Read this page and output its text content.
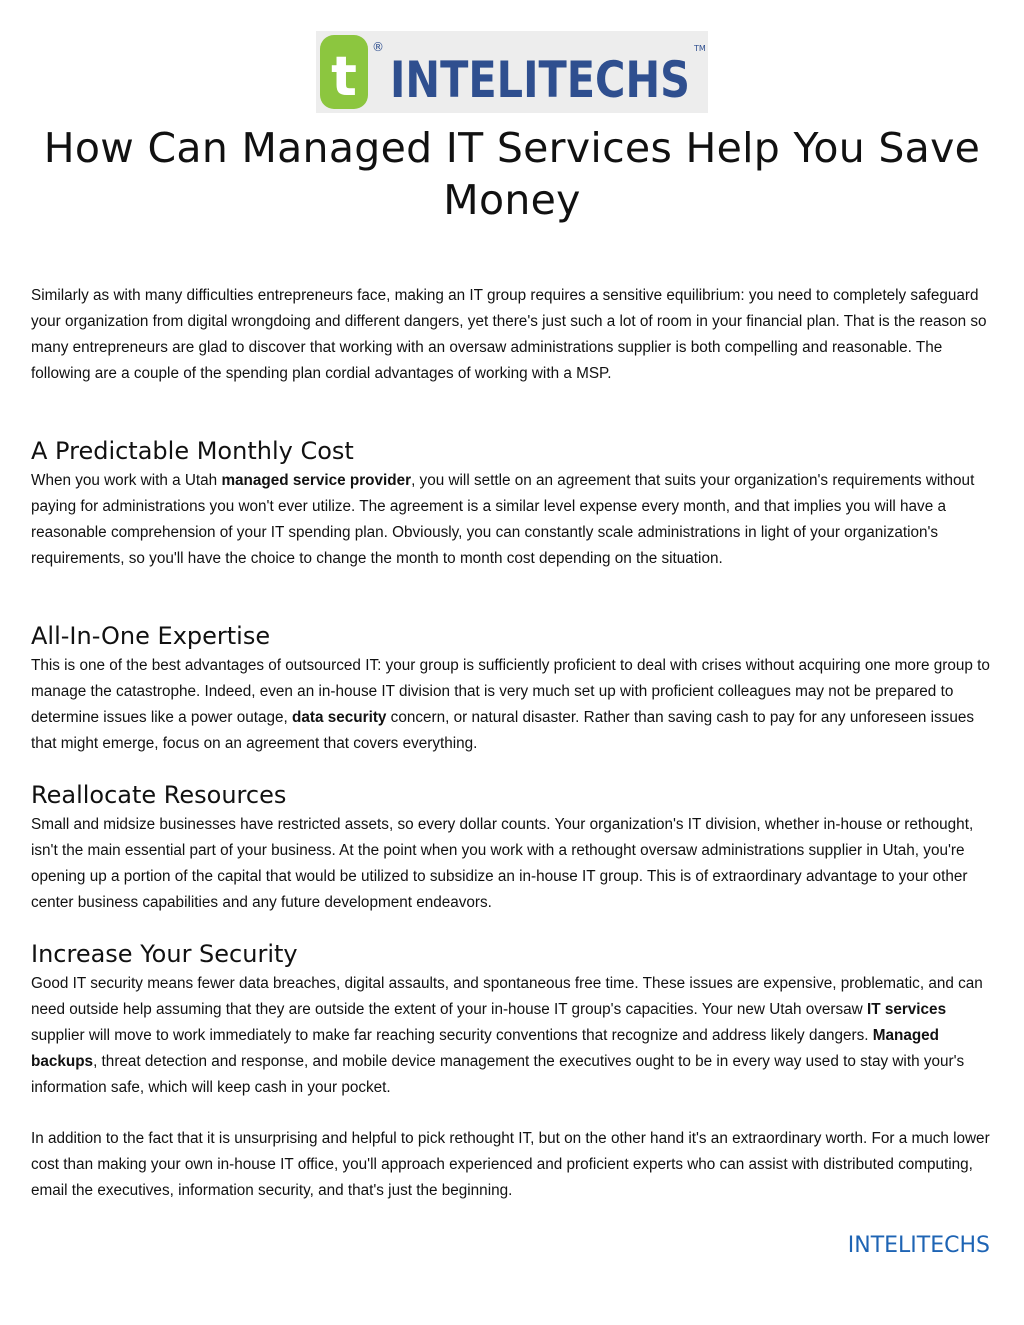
t ®
INTELITECHS
TM
How Can Managed IT Services Help You Save Money

Similarly as with many difficulties entrepreneurs face, making an IT group requires a sensitive equilibrium: you need to completely safeguard your organization from digital wrongdoing and different dangers, yet there's just such a lot of room in your financial plan. That is the reason so many entrepreneurs are glad to discover that working with an oversaw administrations supplier is both compelling and reasonable. The following are a couple of the spending plan cordial advantages of working with a MSP.

A Predictable Monthly Cost

When you work with a Utah managed service provider, you will settle on an agreement that suits your organization's requirements without paying for administrations you won't ever utilize. The agreement is a similar level expense every month, and that implies you will have a reasonable comprehension of your IT spending plan. Obviously, you can constantly scale administrations in light of your organization's requirements, so you'll have the choice to change the month to month cost depending on the situation.

All-In-One Expertise

This is one of the best advantages of outsourced IT: your group is sufficiently proficient to deal with crises without acquiring one more group to manage the catastrophe. Indeed, even an in-house IT division that is very much set up with proficient colleagues may not be prepared to determine issues like a power outage, data security concern, or natural disaster. Rather than saving cash to pay for any unforeseen issues that might emerge, focus on an agreement that covers everything.

Reallocate Resources

Small and midsize businesses have restricted assets, so every dollar counts. Your organization's IT division, whether in-house or rethought, isn't the main essential part of your business. At the point when you work with a rethought oversaw administrations supplier in Utah, you're opening up a portion of the capital that would be utilized to subsidize an in-house IT group. This is of extraordinary advantage to your other center business capabilities and any future development endeavors.

Increase Your Security

Good IT security means fewer data breaches, digital assaults, and spontaneous free time. These issues are expensive, problematic, and can need outside help assuming that they are outside the extent of your in-house IT group's capacities. Your new Utah oversaw IT services supplier will move to work immediately to make far reaching security conventions that recognize and address likely dangers. Managed backups, threat detection and response, and mobile device management the executives ought to be in every way used to stay with your's information safe, which will keep cash in your pocket.

In addition to the fact that it is unsurprising and helpful to pick rethought IT, but on the other hand it's an extraordinary worth. For a much lower cost than making your own in-house IT office, you'll approach experienced and proficient experts who can assist with distributed computing, email the executives, information security, and that's just the beginning.

INTELITECHS
